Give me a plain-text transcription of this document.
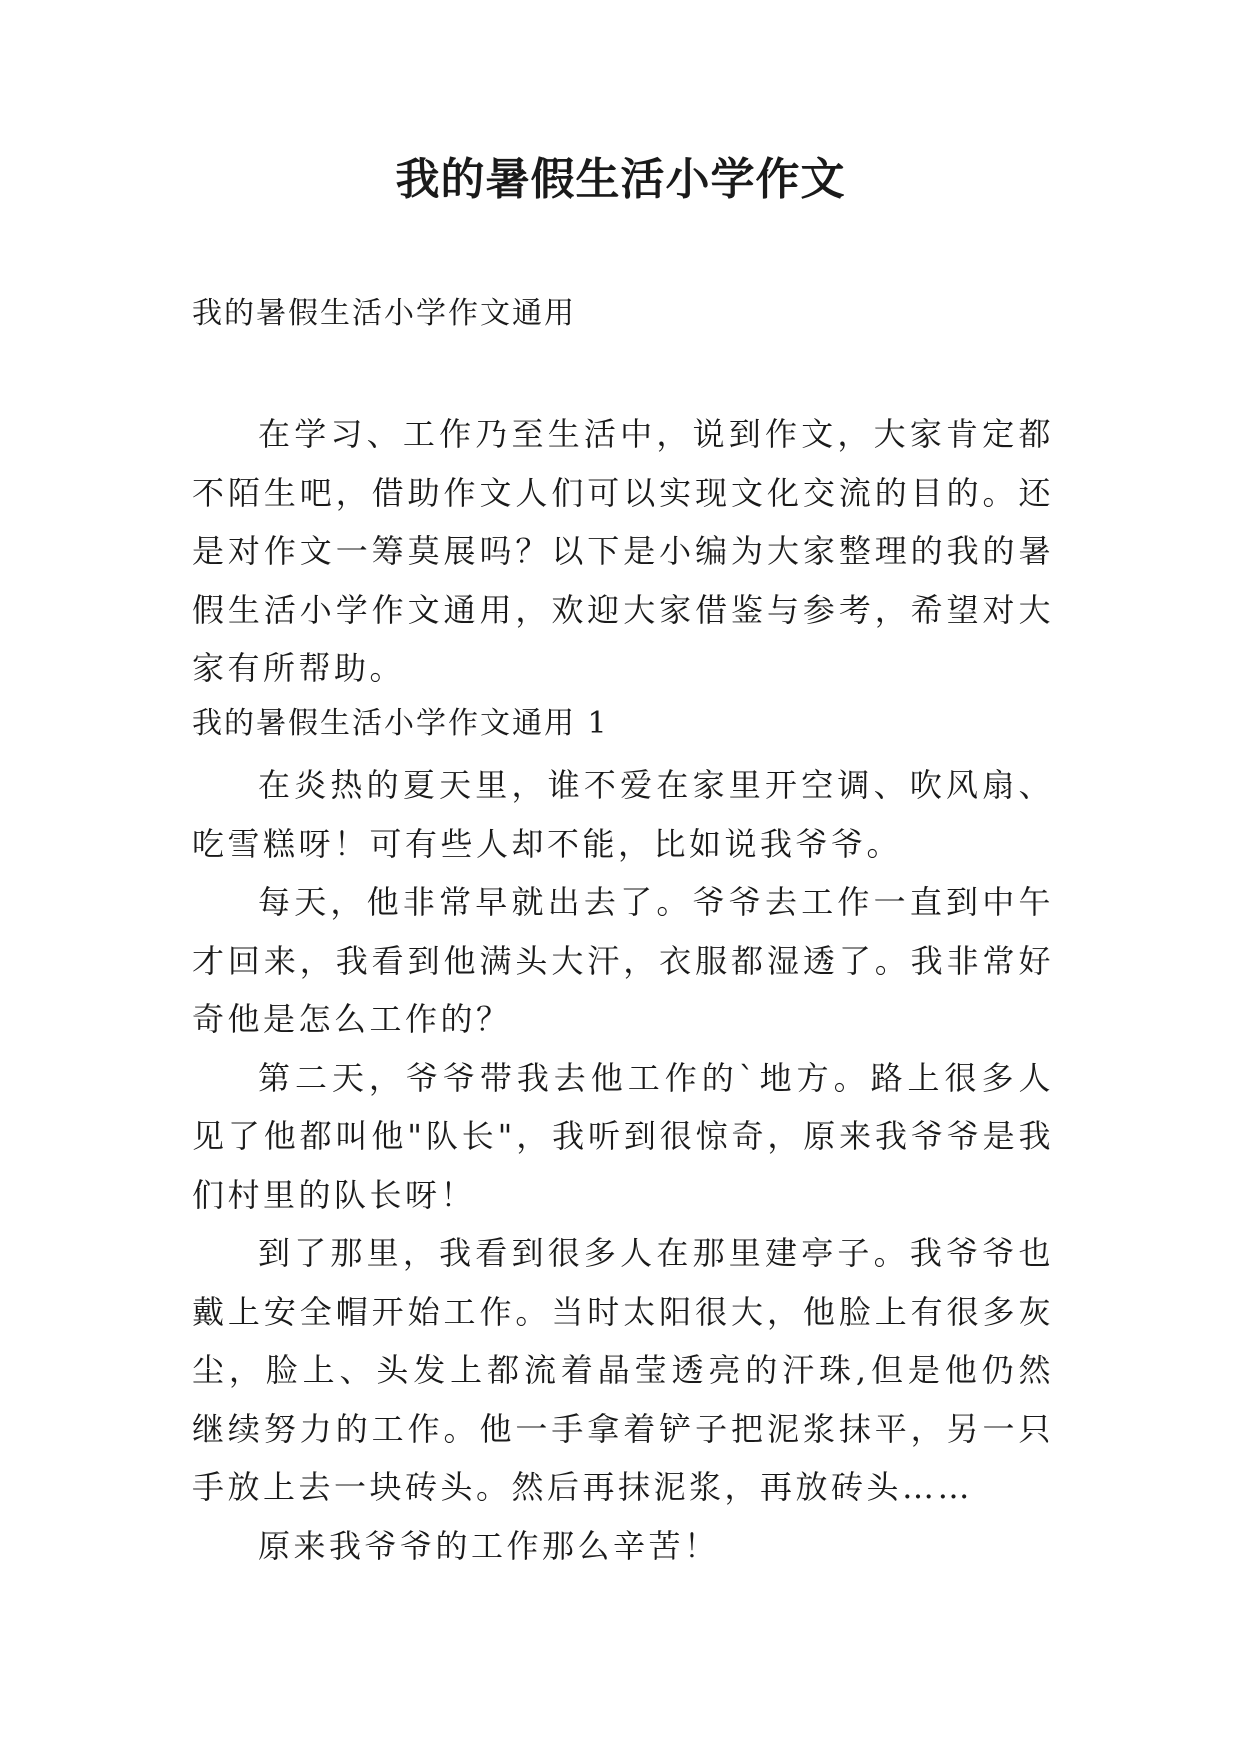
我的暑假生活小学作文
我的暑假生活小学作文通用

在学习、工作乃至生活中，说到作文，大家肯定都不陌生吧，借助作文人们可以实现文化交流的目的。还是对作文一筹莫展吗？以下是小编为大家整理的我的暑假生活小学作文通用，欢迎大家借鉴与参考，希望对大家有所帮助。

我的暑假生活小学作文通用 1

在炎热的夏天里，谁不爱在家里开空调、吹风扇、吃雪糕呀！可有些人却不能，比如说我爷爷。

每天，他非常早就出去了。爷爷去工作一直到中午才回来，我看到他满头大汗，衣服都湿透了。我非常好奇他是怎么工作的？

第二天，爷爷带我去他工作的`地方。路上很多人见了他都叫他"队长"，我听到很惊奇，原来我爷爷是我们村里的队长呀！

到了那里，我看到很多人在那里建亭子。我爷爷也戴上安全帽开始工作。当时太阳很大，他脸上有很多灰尘，脸上、头发上都流着晶莹透亮的汗珠,但是他仍然继续努力的工作。他一手拿着铲子把泥浆抹平，另一只手放上去一块砖头。然后再抹泥浆，再放砖头……

原来我爷爷的工作那么辛苦！
